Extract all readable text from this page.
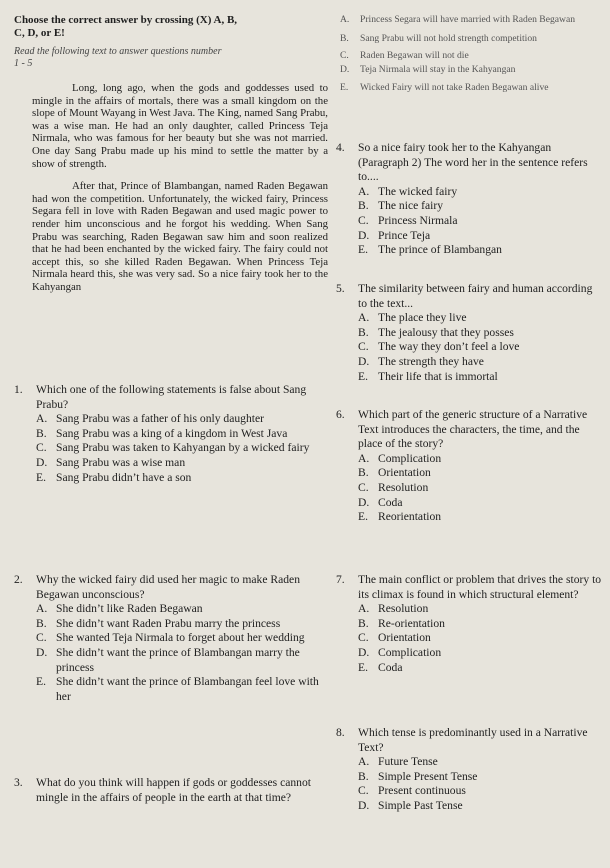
Choose the correct answer by crossing (X) A, B,
C, D, or E!
Read the following text to answer questions number
1 - 5

Long, long ago, when the gods and goddesses used to mingle in the affairs of mortals, there was a small kingdom on the slope of Mount Wayang in West Java. The King, named Sang Prabu, was a wise man. He had an only daughter, called Princess Teja Nirmala, who was famous for her beauty but she was not married. One day Sang Prabu made up his mind to settle the matter by a show of strength.

After that, Prince of Blambangan, named Raden Begawan had won the competition. Unfortunately, the wicked fairy, Princess Segara fell in love with Raden Begawan and used magic power to render him unconscious and he forgot his wedding. When Sang Prabu was searching, Raden Begawan saw him and soon realized that he had been enchanted by the wicked fairy. The fairy could not accept this, so she killed Raden Begawan. When Princess Teja Nirmala heard this, she was very sad. So a nice fairy took her to the Kahyangan

1.	Which one of the following statements is false about Sang Prabu?
A. Sang Prabu was a father of his only daughter
B. Sang Prabu was a king of a kingdom in West Java
C. Sang Prabu was taken to Kahyangan by a wicked fairy
D. Sang Prabu was a wise man
E. Sang Prabu didn’t have a son
2.	Why the wicked fairy did used her magic to make Raden Begawan unconscious?
A. She didn’t like Raden Begawan
B. She didn’t want Raden Prabu marry the princess
C. She wanted Teja Nirmala to forget about her wedding
D. She didn’t want the prince of Blambangan marry the princess
E. She didn’t want the prince of Blambangan feel love with her
3.	What do you think will happen if gods or goddesses cannot mingle in the affairs of people in the earth at that time?
A.	Princess Segara will have married with Raden Begawan
B.	Sang Prabu will not hold strength competition
C.	Raden Begawan will not die
D.	Teja Nirmala will stay in the Kahyangan
E.	Wicked Fairy will not take Raden Begawan alive
4.	So a nice fairy took her to the Kahyangan (Paragraph 2) The word her in the sentence refers to....
A. The wicked fairy
B. The nice fairy
C. Princess Nirmala
D. Prince Teja
E. The prince of Blambangan
5.	The similarity between fairy and human according to the text...
A. The place they live
B. The jealousy that they posses
C. The way they don’t feel a love
D. The strength they have
E. Their life that is immortal
6.	Which part of the generic structure of a Narrative Text introduces the characters, the time, and the place of the story?
A. Complication
B. Orientation
C. Resolution
D. Coda
E. Reorientation
7.	The main conflict or problem that drives the story to its climax is found in which structural element?
A. Resolution
B. Re-orientation
C. Orientation
D. Complication
E. Coda
8.	Which tense is predominantly used in a Narrative Text?
A. Future Tense
B. Simple Present Tense
C. Present continuous
D. Simple Past Tense
